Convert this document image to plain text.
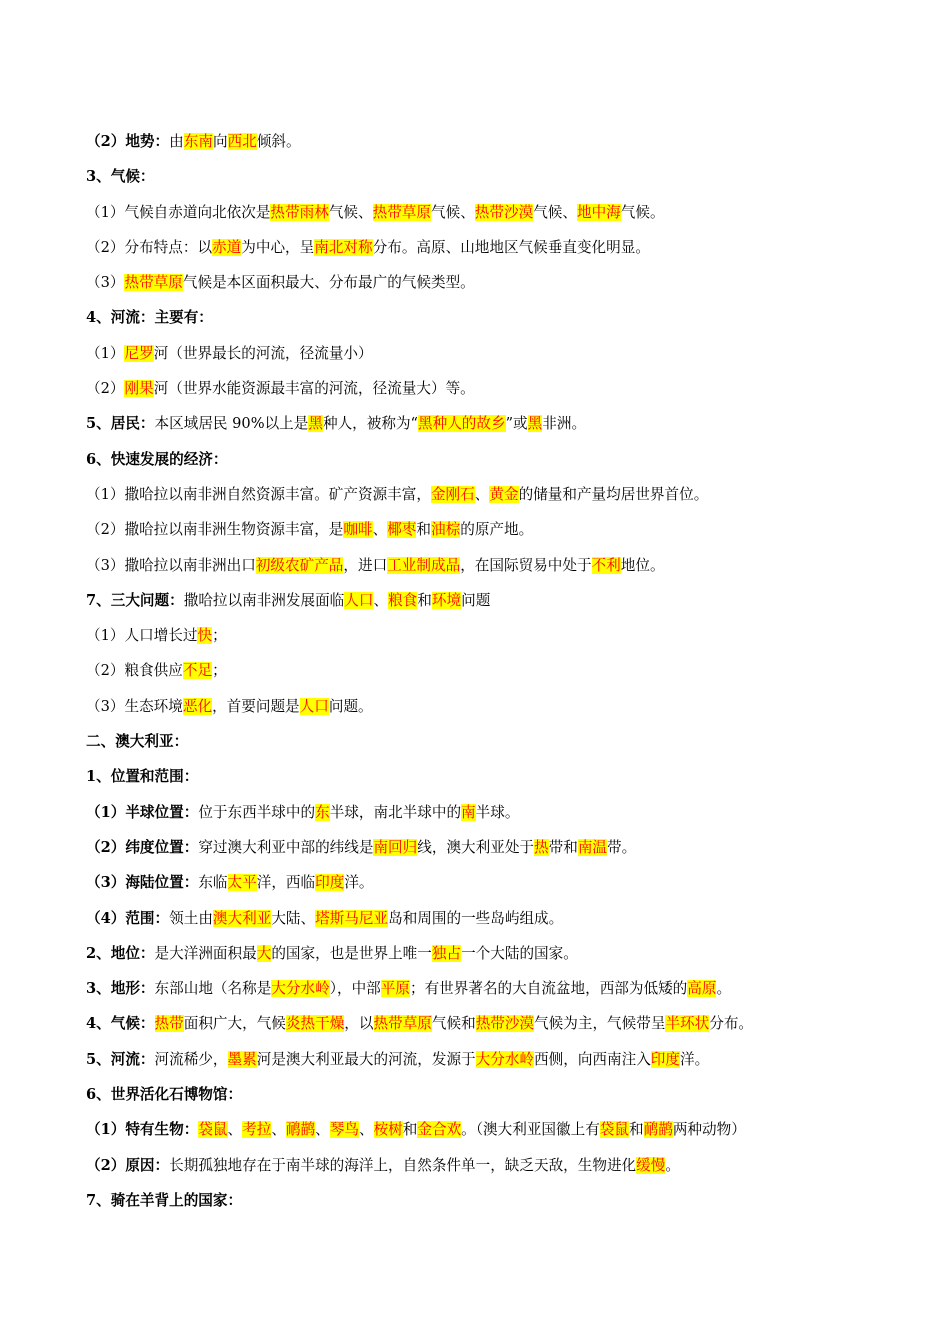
（2）地势：由东南向西北倾斜。
3、气候：
（1）气候自赤道向北依次是热带雨林气候、热带草原气候、热带沙漠气候、地中海气候。
（2）分布特点：以赤道为中心，呈南北对称分布。高原、山地地区气候垂直变化明显。
（3）热带草原气候是本区面积最大、分布最广的气候类型。
4、河流：主要有：
（1）尼罗河（世界最长的河流，径流量小）
（2）刚果河（世界水能资源最丰富的河流，径流量大）等。
5、居民：本区域居民 90%以上是黑种人，被称为“黑种人的故乡”或黑非洲。
6、快速发展的经济：
（1）撒哈拉以南非洲自然资源丰富。矿产资源丰富，金刚石、黄金的储量和产量均居世界首位。
（2）撒哈拉以南非洲生物资源丰富，是咖啡、椰枣和油棕的原产地。
（3）撒哈拉以南非洲出口初级农矿产品，进口工业制成品，在国际贸易中处于不利地位。
7、三大问题：撒哈拉以南非洲发展面临人口、粮食和环境问题
（1）人口增长过快；
（2）粮食供应不足；
（3）生态环境恶化，首要问题是人口问题。
二、澳大利亚：
1、位置和范围：
（1）半球位置：位于东西半球中的东半球，南北半球中的南半球。
（2）纬度位置：穿过澳大利亚中部的纬线是南回归线，澳大利亚处于热带和南温带。
（3）海陆位置：东临太平洋，西临印度洋。
（4）范围：领土由澳大利亚大陆、塔斯马尼亚岛和周围的一些岛屿组成。
2、地位：是大洋洲面积最大的国家，也是世界上唯一独占一个大陆的国家。
3、地形：东部山地（名称是大分水岭），中部平原；有世界著名的大自流盆地，西部为低矮的高原。
4、气候：热带面积广大，气候炎热干燥，以热带草原气候和热带沙漠气候为主，气候带呈半环状分布。
5、河流：河流稀少，墨累河是澳大利亚最大的河流，发源于大分水岭西侧，向西南注入印度洋。
6、世界活化石博物馆：
（1）特有生物：袋鼠、考拉、鸸鹋、琴鸟、桉树和金合欢。（澳大利亚国徽上有袋鼠和鸸鹋两种动物）
（2）原因：长期孤独地存在于南半球的海洋上，自然条件单一，缺乏天敌，生物进化缓慢。
7、骑在羊背上的国家：
